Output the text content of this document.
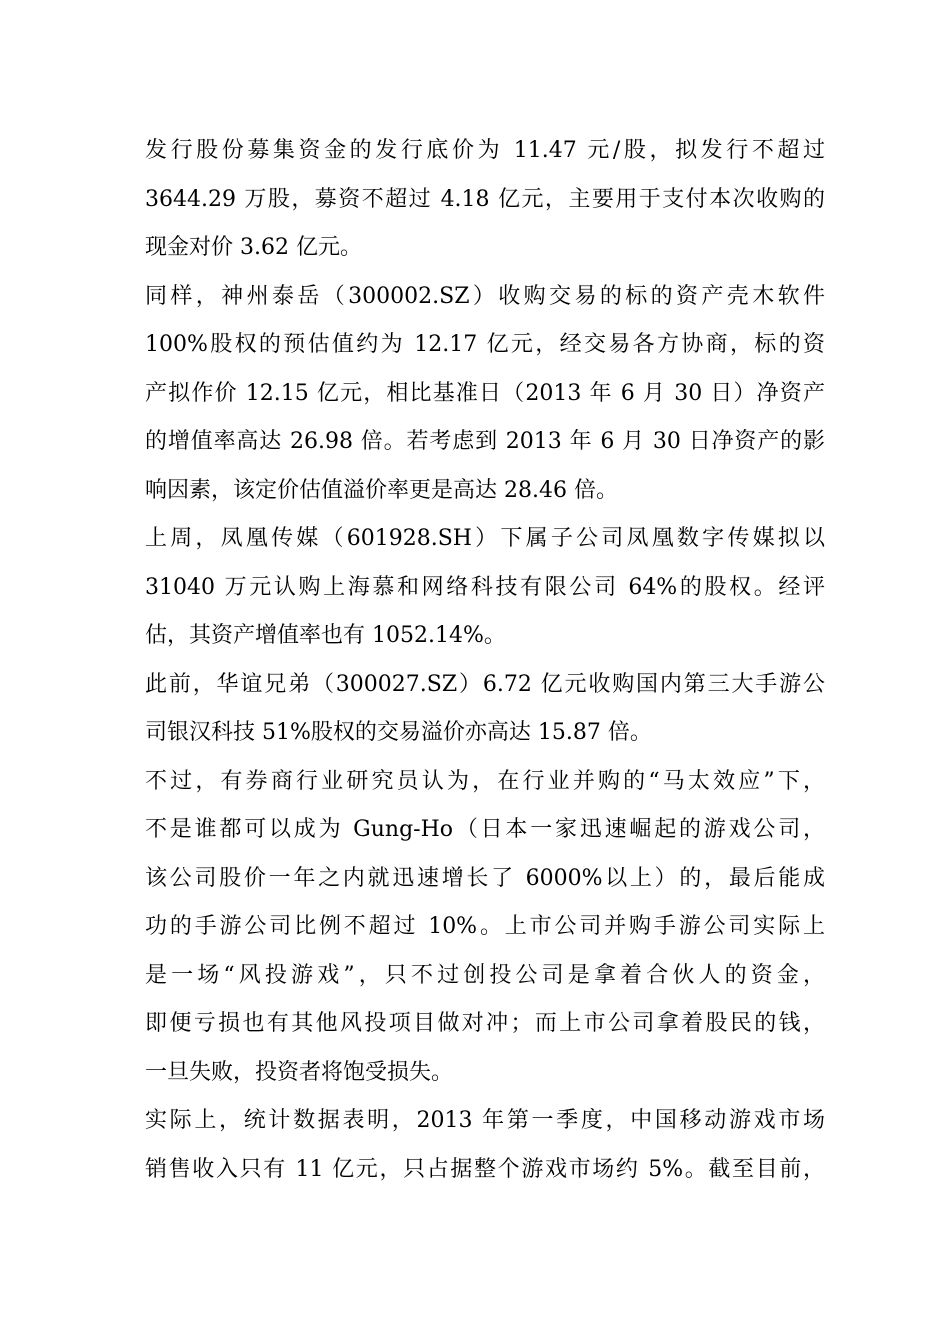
发行股份募集资金的发行底价为 11.47 元/股，拟发行不超过
3644.29 万股，募资不超过 4.18 亿元，主要用于支付本次收购的
现金对价 3.62 亿元。
同样，神州泰岳（300002.SZ）收购交易的标的资产壳木软件
100%股权的预估值约为 12.17 亿元，经交易各方协商，标的资
产拟作价 12.15 亿元，相比基准日（2013 年 6 月 30 日）净资产
的增值率高达 26.98 倍。若考虑到 2013 年 6 月 30 日净资产的影
响因素，该定价估值溢价率更是高达 28.46 倍。
上周，凤凰传媒（601928.SH）下属子公司凤凰数字传媒拟以
31040 万元认购上海慕和网络科技有限公司 64%的股权。经评
估，其资产增值率也有 1052.14%。
此前，华谊兄弟（300027.SZ）6.72 亿元收购国内第三大手游公
司银汉科技 51%股权的交易溢价亦高达 15.87 倍。
不过，有券商行业研究员认为，在行业并购的“马太效应”下，
不是谁都可以成为 Gung-Ho（日本一家迅速崛起的游戏公司，
该公司股价一年之内就迅速增长了 6000%以上）的，最后能成
功的手游公司比例不超过 10%。上市公司并购手游公司实际上
是一场“风投游戏”，只不过创投公司是拿着合伙人的资金，
即便亏损也有其他风投项目做对冲；而上市公司拿着股民的钱，
一旦失败，投资者将饱受损失。
实际上，统计数据表明，2013 年第一季度，中国移动游戏市场
销售收入只有 11 亿元，只占据整个游戏市场约 5%。截至目前，
